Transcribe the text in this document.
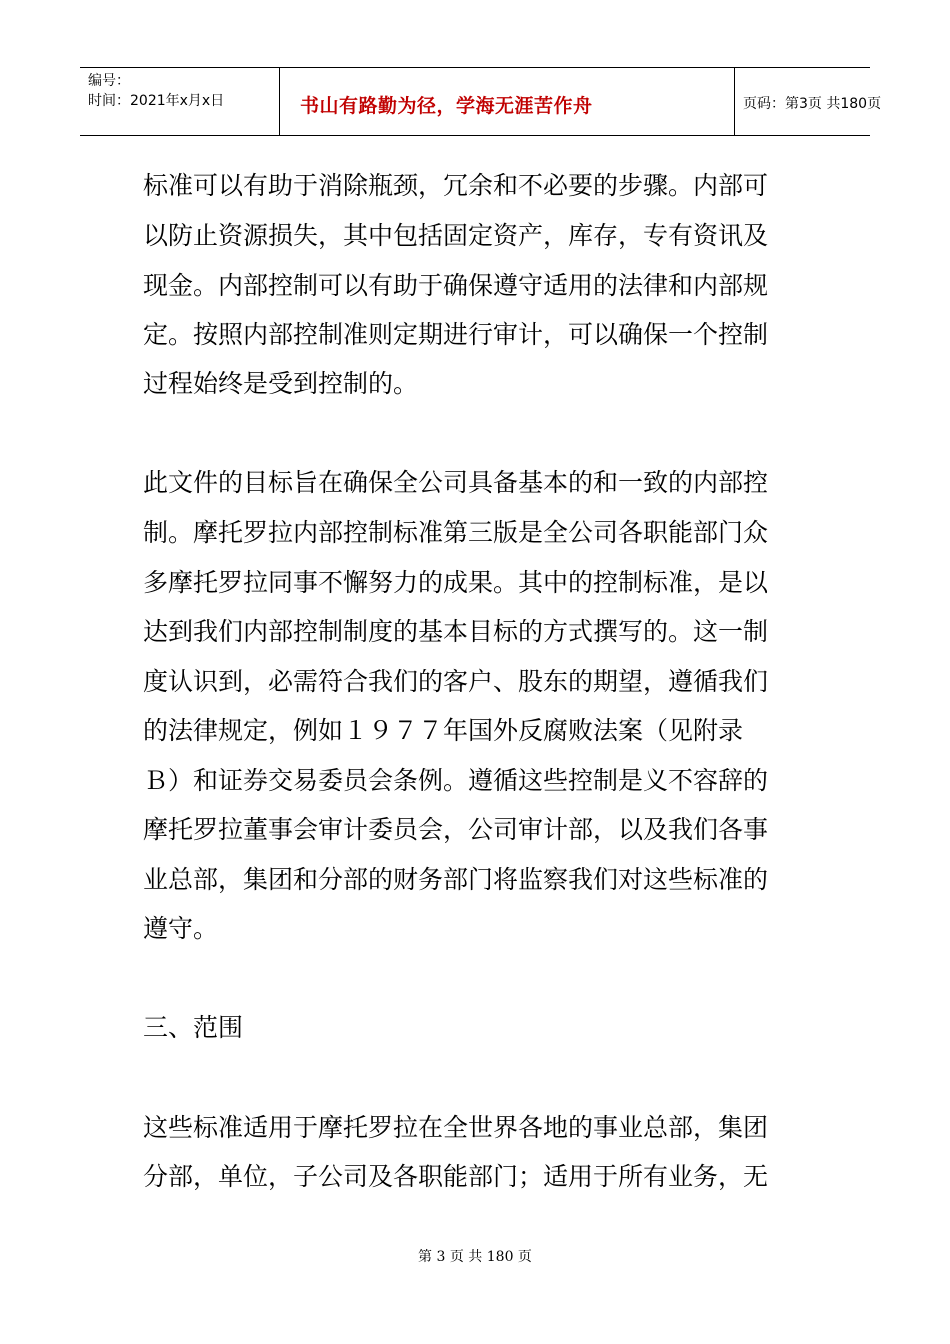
编号：
时间：2021年x月x日	书山有路勤为径，学海无涯苦作舟	页码：第3页 共180页
标准可以有助于消除瓶颈，冗余和不必要的步骤。内部可
以防止资源损失，其中包括固定资产，库存，专有资讯及
现金。内部控制可以有助于确保遵守适用的法律和内部规
定。按照内部控制准则定期进行审计，可以确保一个控制
过程始终是受到控制的。
此文件的目标旨在确保全公司具备基本的和一致的内部控
制。摩托罗拉内部控制标准第三版是全公司各职能部门众
多摩托罗拉同事不懈努力的成果。其中的控制标准，是以
达到我们内部控制制度的基本目标的方式撰写的。这一制
度认识到，必需符合我们的客户、股东的期望，遵循我们
的法律规定，例如１９７７年国外反腐败法案（见附录
Ｂ）和证券交易委员会条例。遵循这些控制是义不容辞的
摩托罗拉董事会审计委员会，公司审计部，以及我们各事
业总部，集团和分部的财务部门将监察我们对这些标准的
遵守。
三、范围
这些标准适用于摩托罗拉在全世界各地的事业总部，集团
分部，单位，子公司及各职能部门；适用于所有业务，无
第 3 页 共 180 页
